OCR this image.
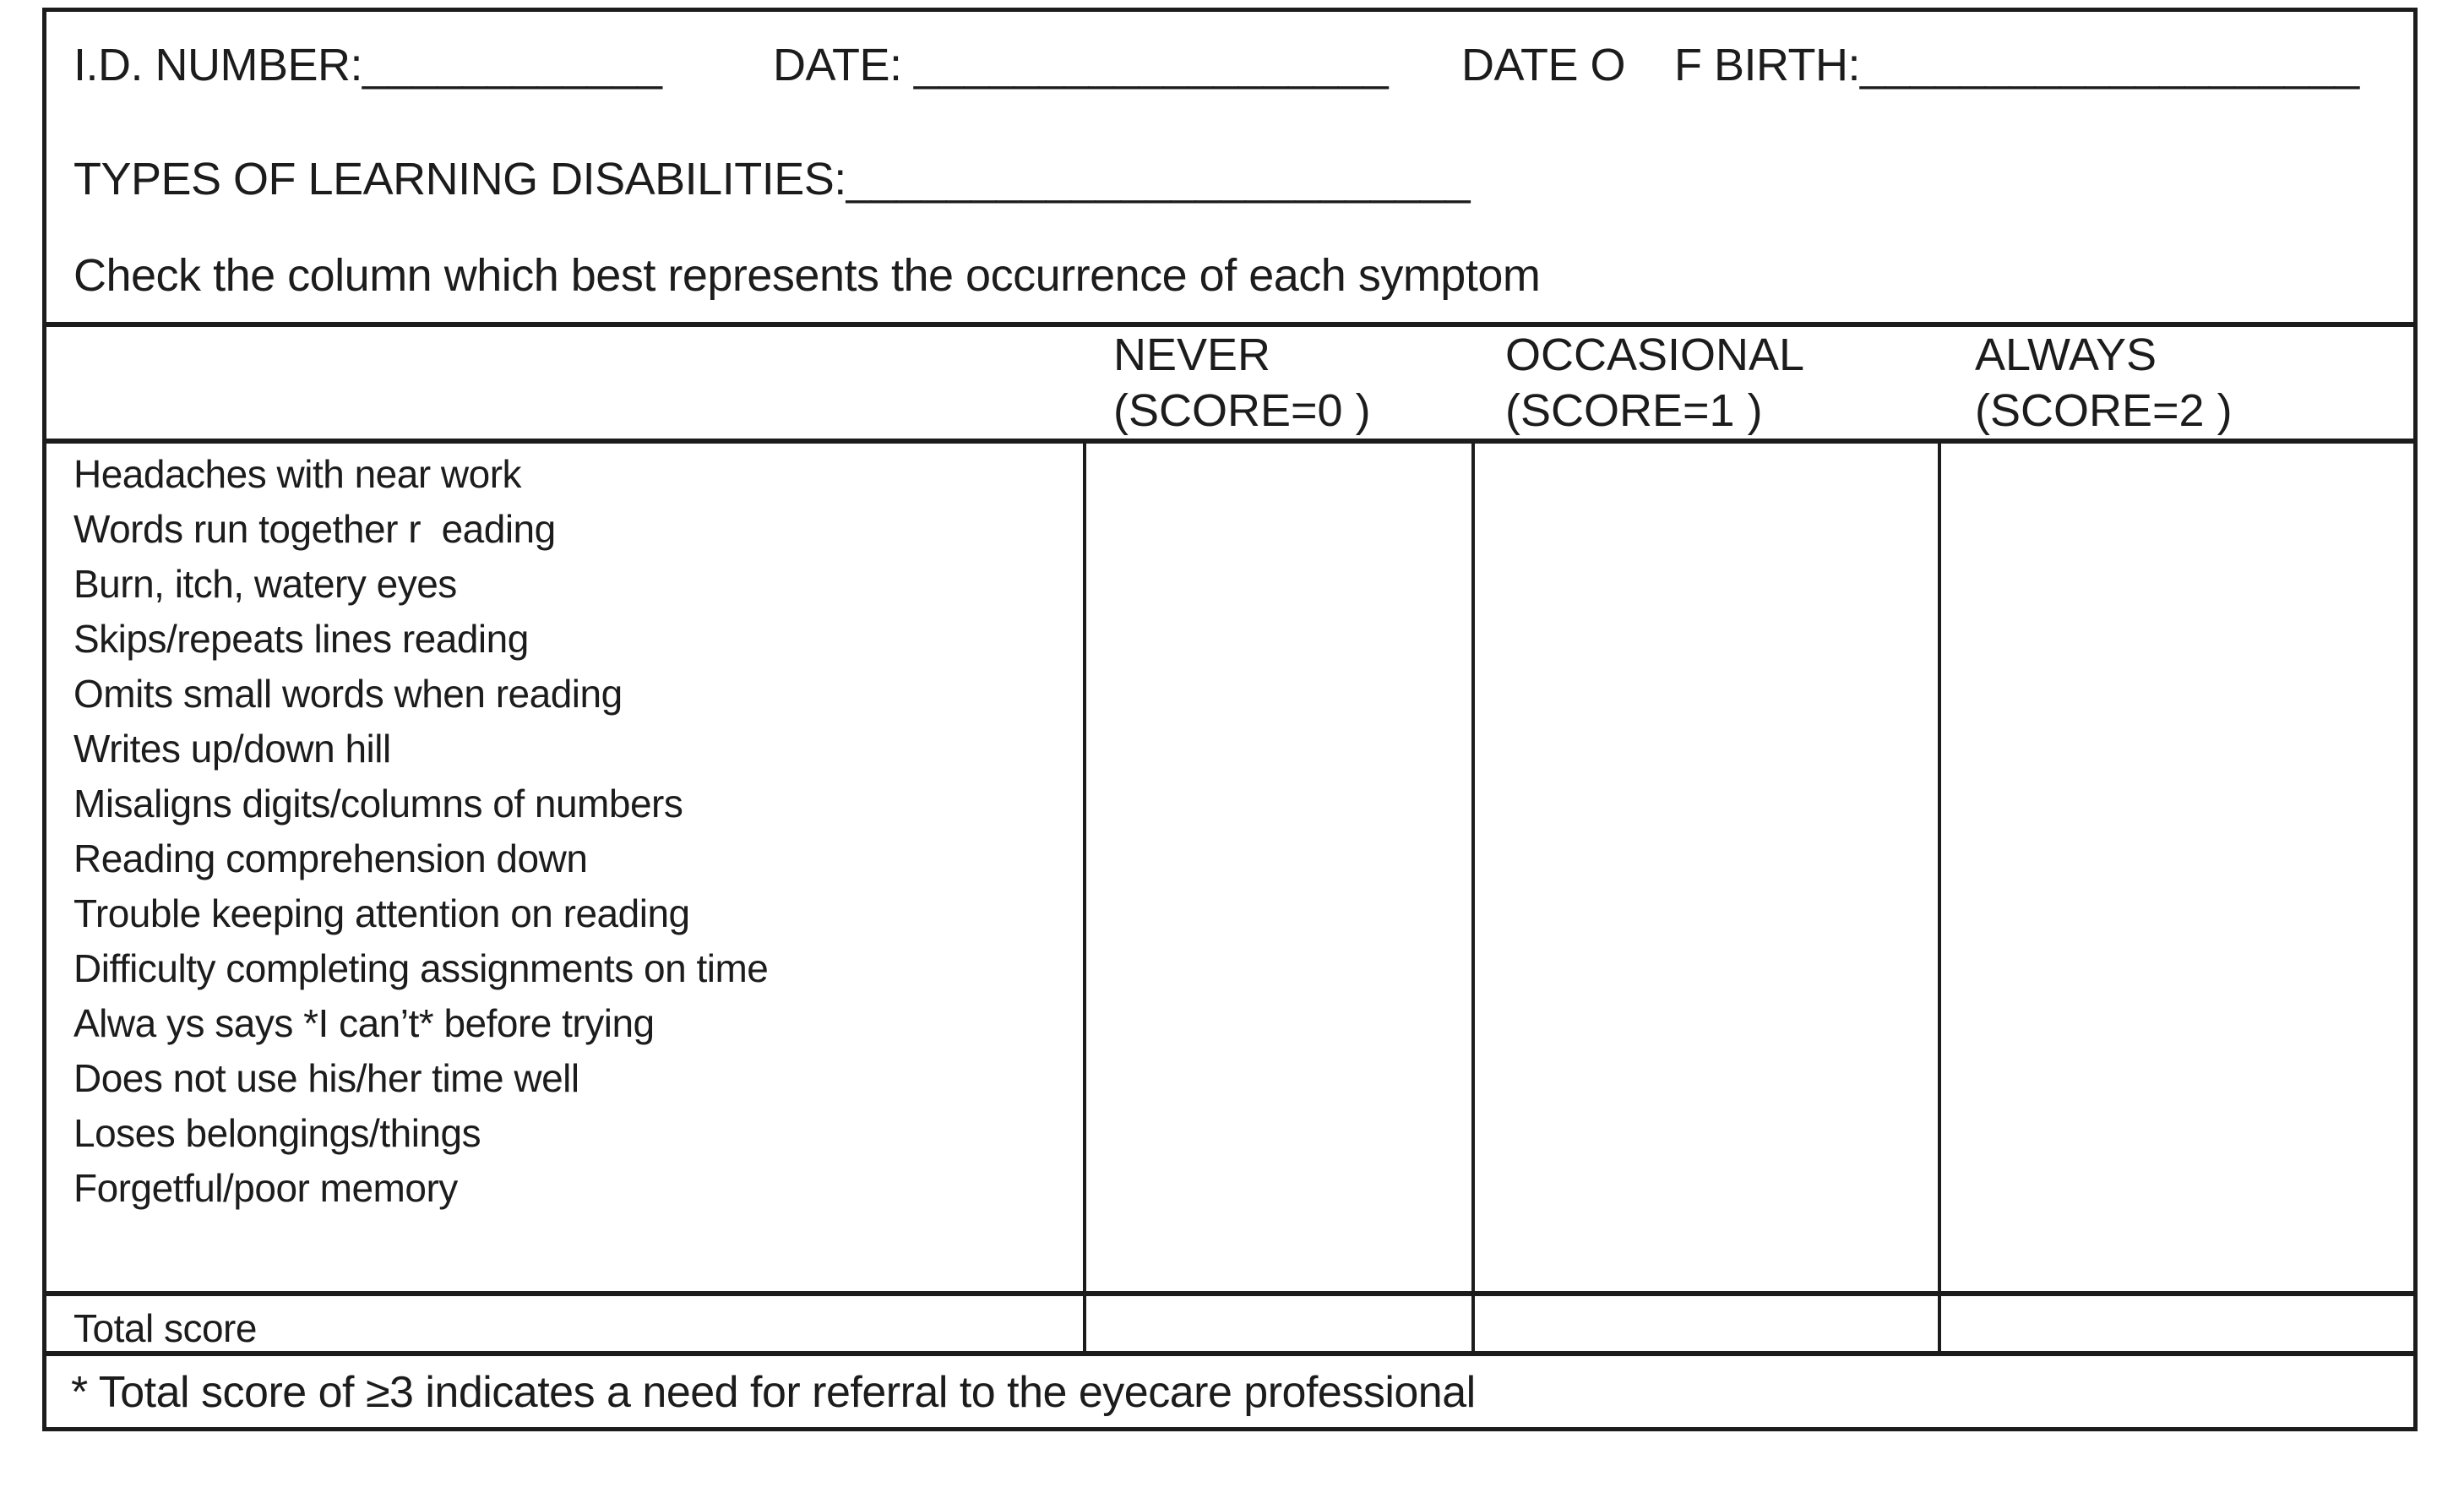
I.D. NUMBER:____________ DATE: ___________________ DATE O    F BIRTH:____________________
TYPES OF LEARNING DISABILITIES:_________________________
Check the column which best represents the occurrence of each symptom
NEVER
(SCORE=0 )
OCCASIONAL
(SCORE=1 )
ALWAYS
(SCORE=2 )
Headaches with near work
Words run together r  eading
Burn, itch, watery eyes
Skips/repeats lines reading
Omits small words when reading
Writes up/down hill
Misaligns digits/columns of numbers
Reading comprehension down
Trouble keeping attention on reading
Difficulty completing assignments on time
Alwa ys says *I can’t* before trying
Does not use his/her time well
Loses belongings/things
Forgetful/poor memory
Total score
* Total score of ≥3 indicates a need for referral to the eyecare professional
